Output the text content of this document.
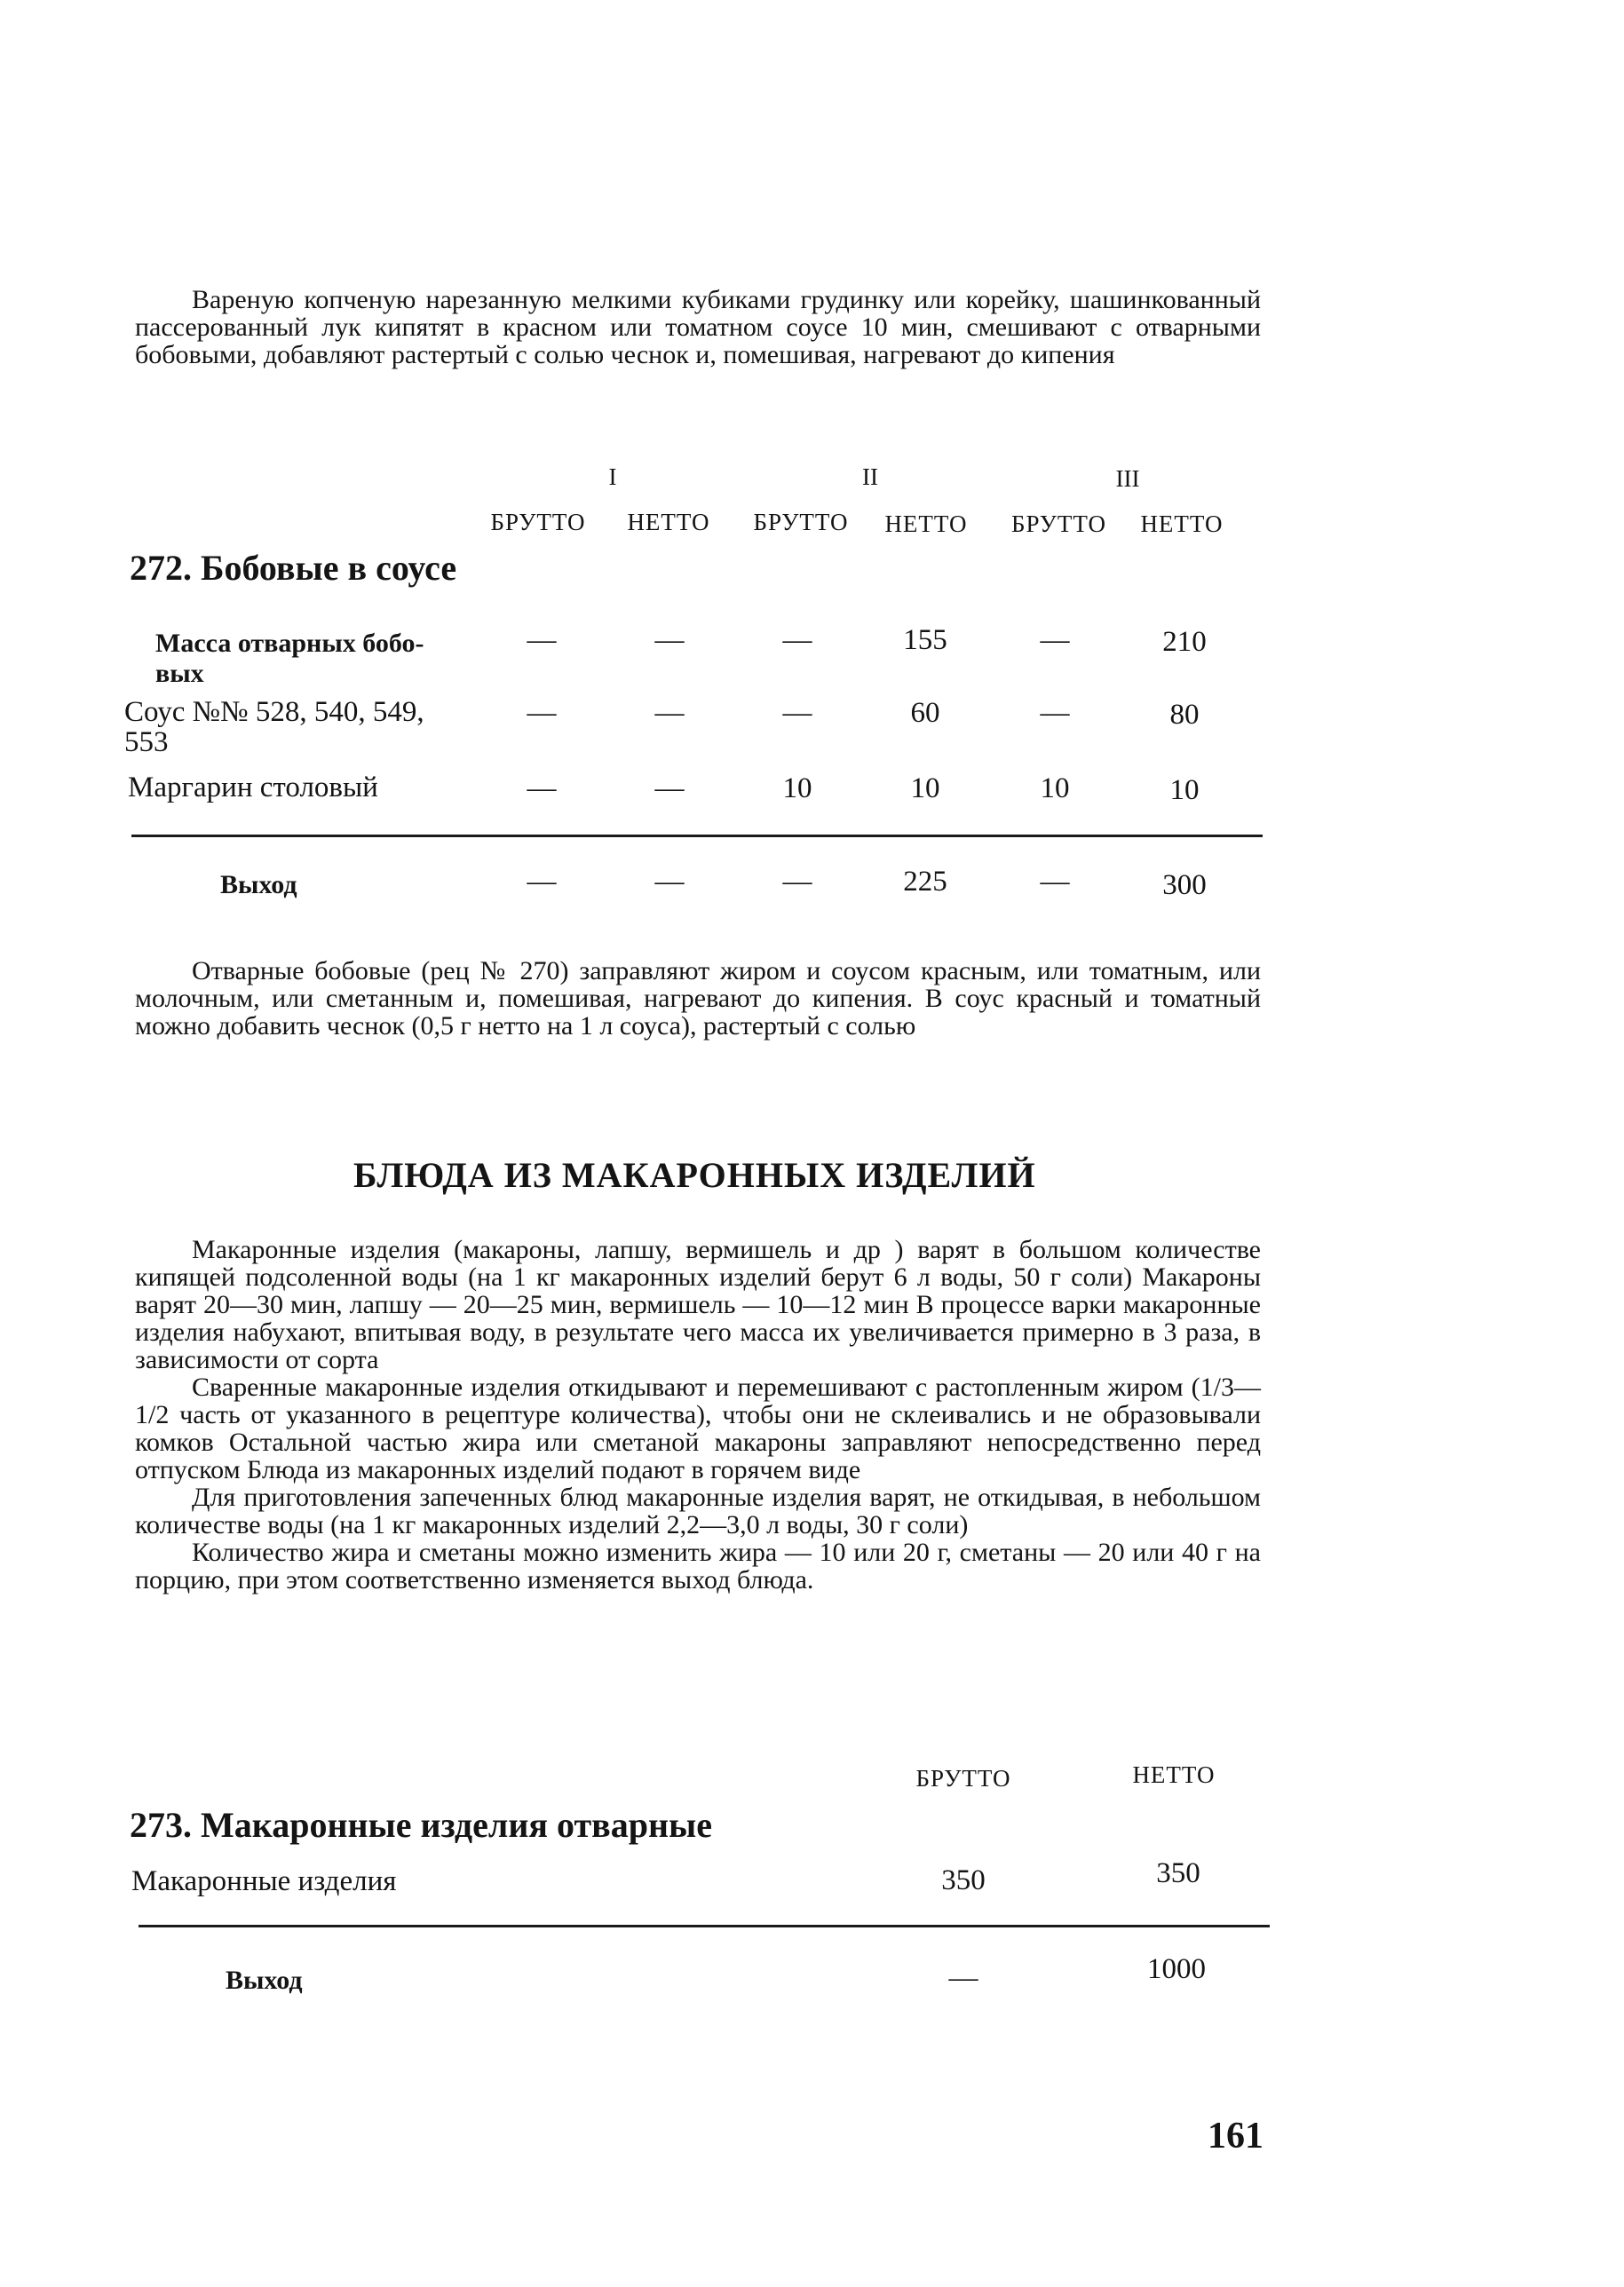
Вареную копченую нарезанную мелкими кубиками грудинку или корейку, шашинкованный пассерованный лук кипятят в красном или томатном соусе 10 мин, смешивают с отварными бобовыми, добавляют растертый с солью чеснок и, помешивая, нагревают до кипения

I	II	III
БРУТТО	НЕТТО	БРУТТО	НЕТТО	БРУТТО	НЕТТО
272. Бобовые в соусе
Масса отварных бобо-
вых
—	—	—	155	—	210
Соус №№ 528, 540, 549,
553
—	—	—	60	—	80
Маргарин столовый	—	—	10	10	10	10
Выход	—	—	—	225	—	300

Отварные бобовые (рец № 270) заправляют жиром и соусом красным, или томатным, или молочным, или сметанным и, помешивая, нагревают до кипения. В соус красный и томатный можно добавить чеснок (0,5 г нетто на 1 л соуса), растертый с солью

БЛЮДА ИЗ МАКАРОННЫХ ИЗДЕЛИЙ

Макаронные изделия (макароны, лапшу, вермишель и др ) варят в большом количестве кипящей подсоленной воды (на 1 кг макаронных изделий берут 6 л воды, 50 г соли) Макароны варят 20—30 мин, лапшу — 20—25 мин, вермишель — 10—12 мин В процессе варки макаронные изделия набухают, впитывая воду, в результате чего масса их увеличивается примерно в 3 раза, в зависимости от сорта

Сваренные макаронные изделия откидывают и перемешивают с растопленным жиром (1/3—1/2 часть от указанного в рецептуре количества), чтобы они не склеивались и не образовывали комков Остальной частью жира или сметаной макароны заправляют непосредственно перед отпуском Блюда из макаронных изделий подают в горячем виде

Для приготовления запеченных блюд макаронные изделия варят, не откидывая, в небольшом количестве воды (на 1 кг макаронных изделий 2,2—3,0 л воды, 30 г соли)

Количество жира и сметаны можно изменить жира — 10 или 20 г, сметаны — 20 или 40 г на порцию, при этом соответственно изменяется выход блюда.

БРУТТО	НЕТТО
273. Макаронные изделия отварные
Макаронные изделия	350	350
Выход	—	1000
161
